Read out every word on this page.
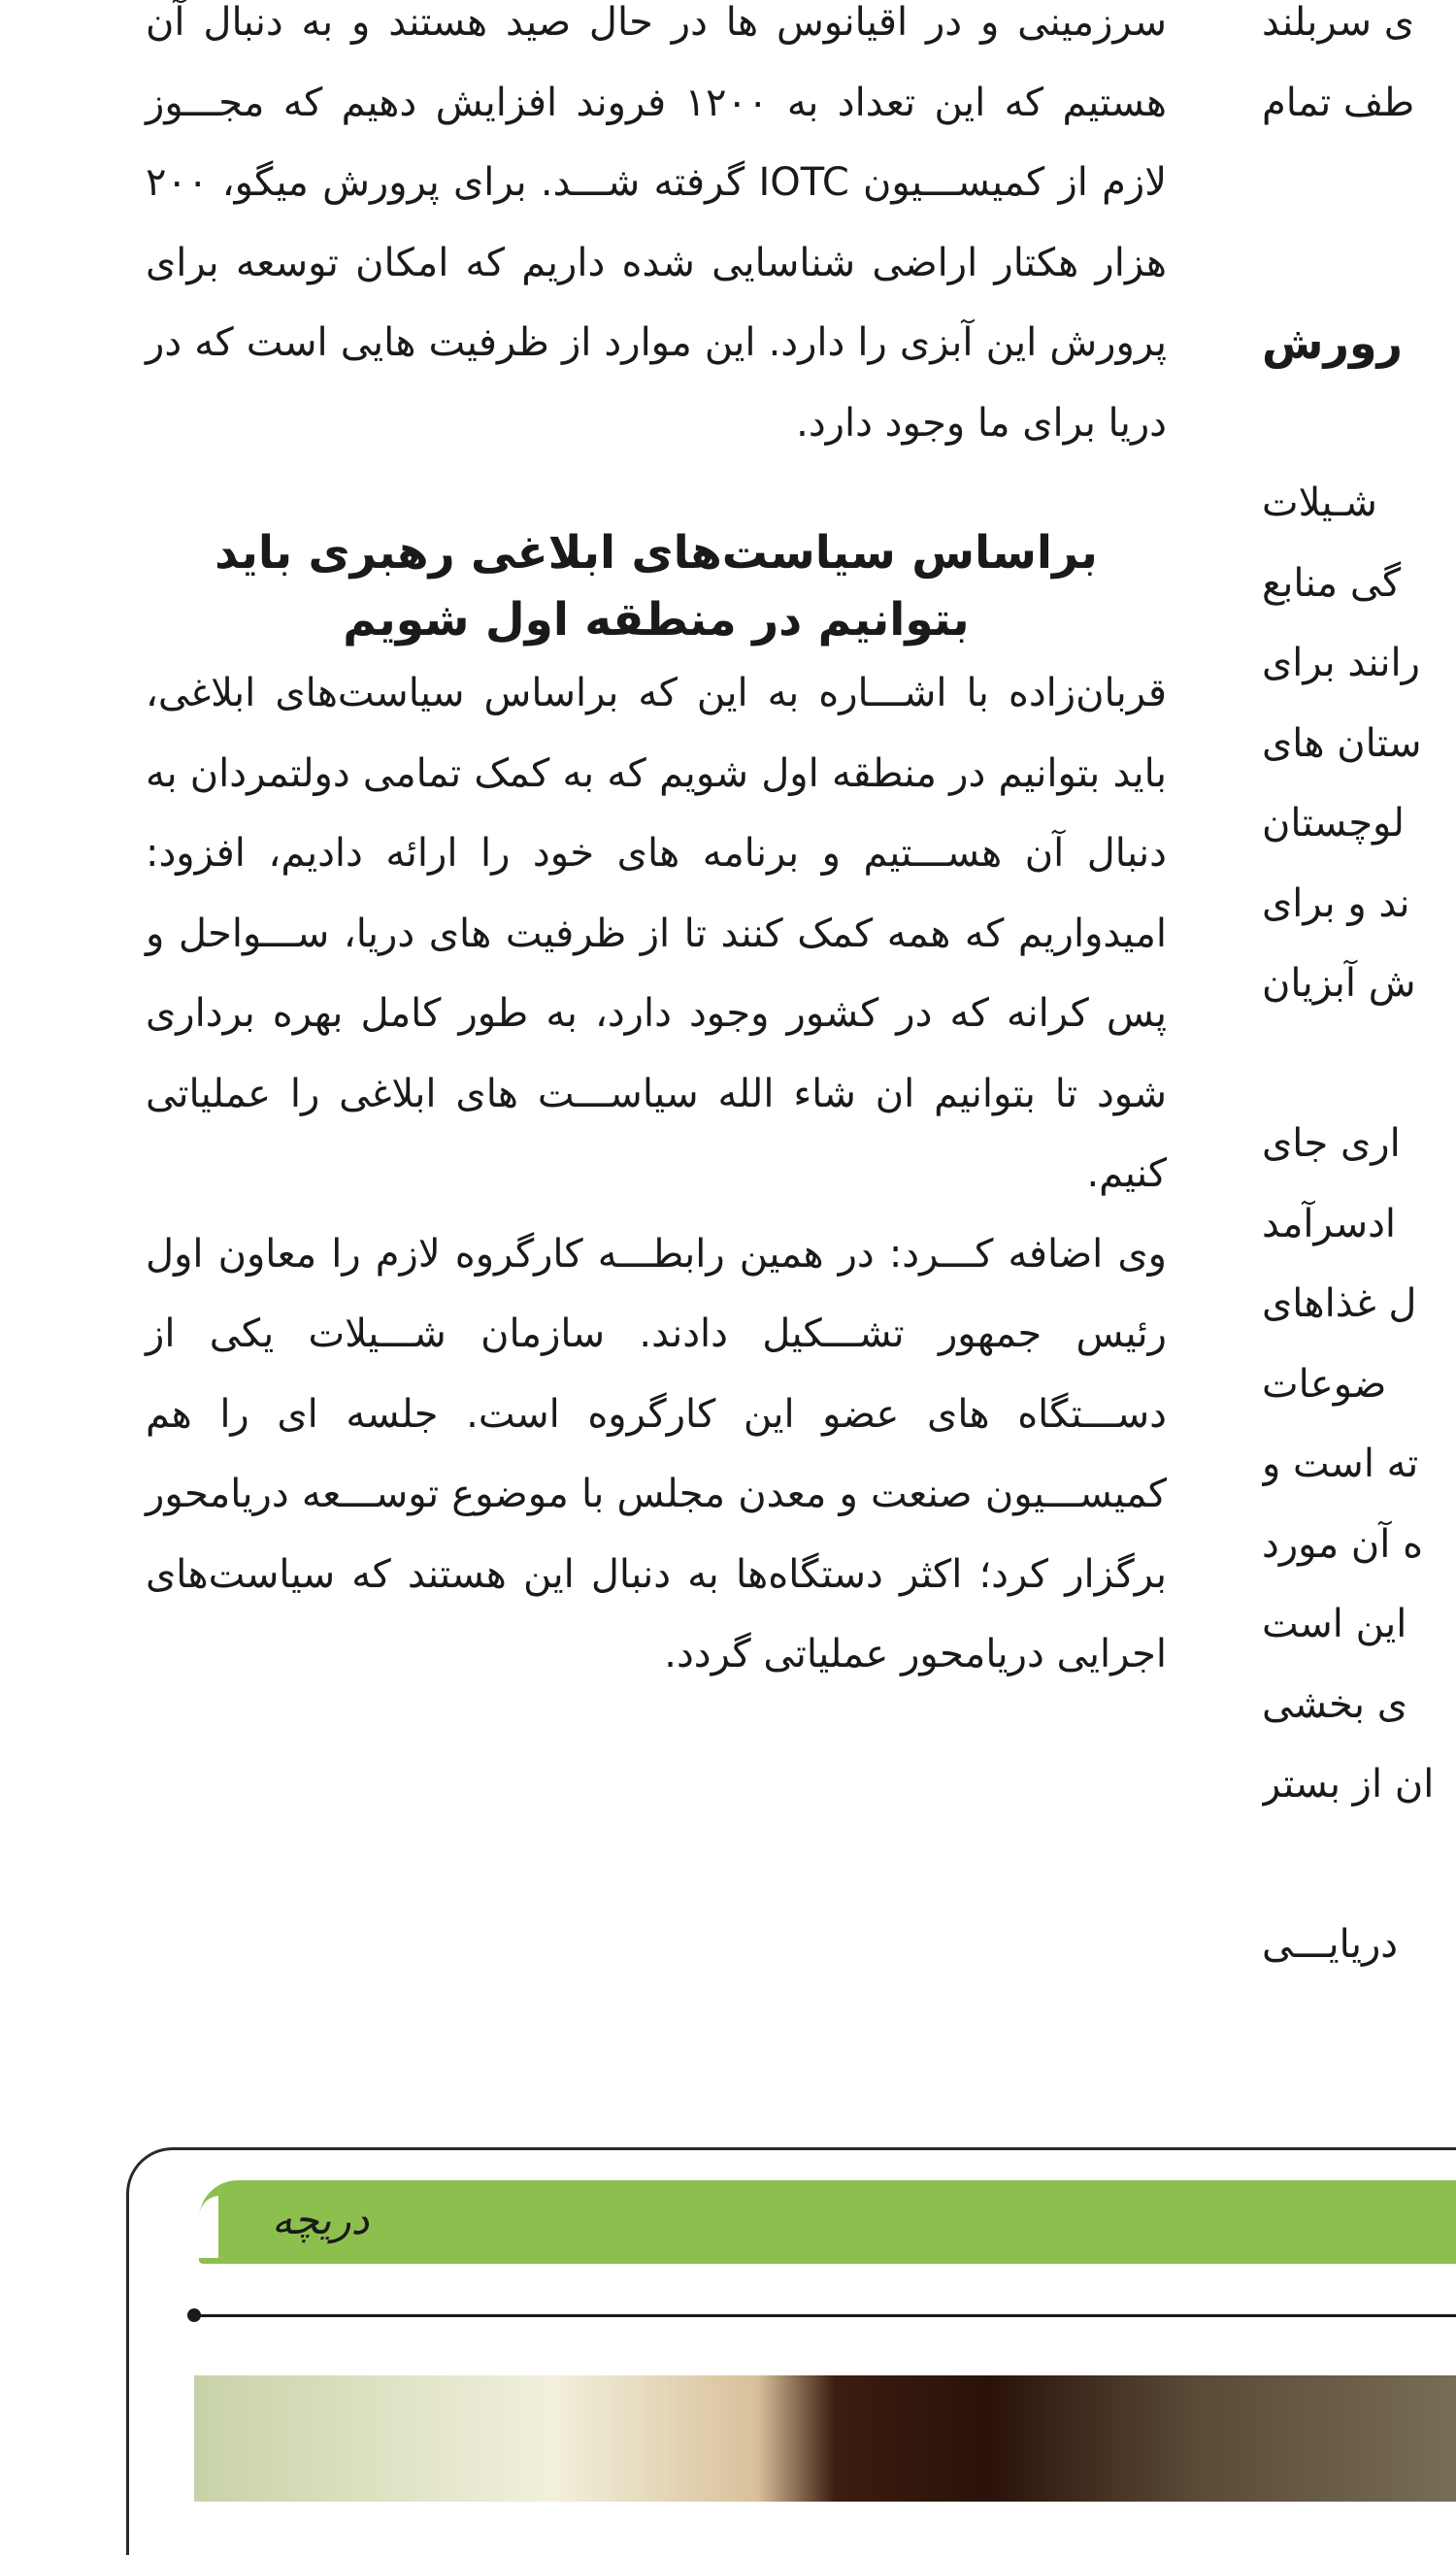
سرزمینی و در اقیانوس ها در حال صید هستند و به دنبال آن هستیم که این تعداد به ۱۲۰۰ فروند افزایش دهیم که مجـــوز لازم از کمیســـیون IOTC گرفته شـــد. برای پرورش میگو، ۲۰۰ هزار هکتار اراضی شناسایی شده داریم که امکان توسعه برای پرورش این آبزی را دارد. این موارد از ظرفیت هایی است که در دریا برای ما وجود دارد.

براساس سیاست‌های ابلاغی رهبری باید بتوانیم در منطقه اول شویم

قربان‌زاده با اشـــاره به این که براساس سیاست‌های ابلاغی، باید بتوانیم در منطقه اول شویم که به کمک تمامی دولتمردان به دنبال آن هســـتیم و برنامه های خود را ارائه دادیم، افزود: امیدواریم که همه کمک کنند تا از ظرفیت های دریا، ســـواحل و پس کرانه که در کشور وجود دارد، به طور کامل بهره برداری شود تا بتوانیم ان شاء الله سیاســـت های ابلاغی را عملیاتی کنیم.

وی اضافه کـــرد: در همین رابطـــه کارگروه لازم را معاون اول رئیس جمهور تشـــکیل دادند. سازمان شـــیلات یکی از دســـتگاه های عضو این کارگروه است. جلسه ای را هم کمیســـیون صنعت و معدن مجلس با موضوع توســـعه دریامحور برگزار کرد؛ اکثر دستگاه‌ها به دنبال این هستند که سیاست‌های اجرایی دریامحور عملیاتی گردد.

ی سربلند
طف تمام
رورش
شـیلات
گی منابع
رانند برای
ستان های
لوچستان
ند و برای
ش آبزیان
اری جای
ادسرآمد
ل غذاهای
ضوعات
ته است و
ه آن مورد
این است
ی بخشی
ان از بستر
دریایـــی
دریچه
